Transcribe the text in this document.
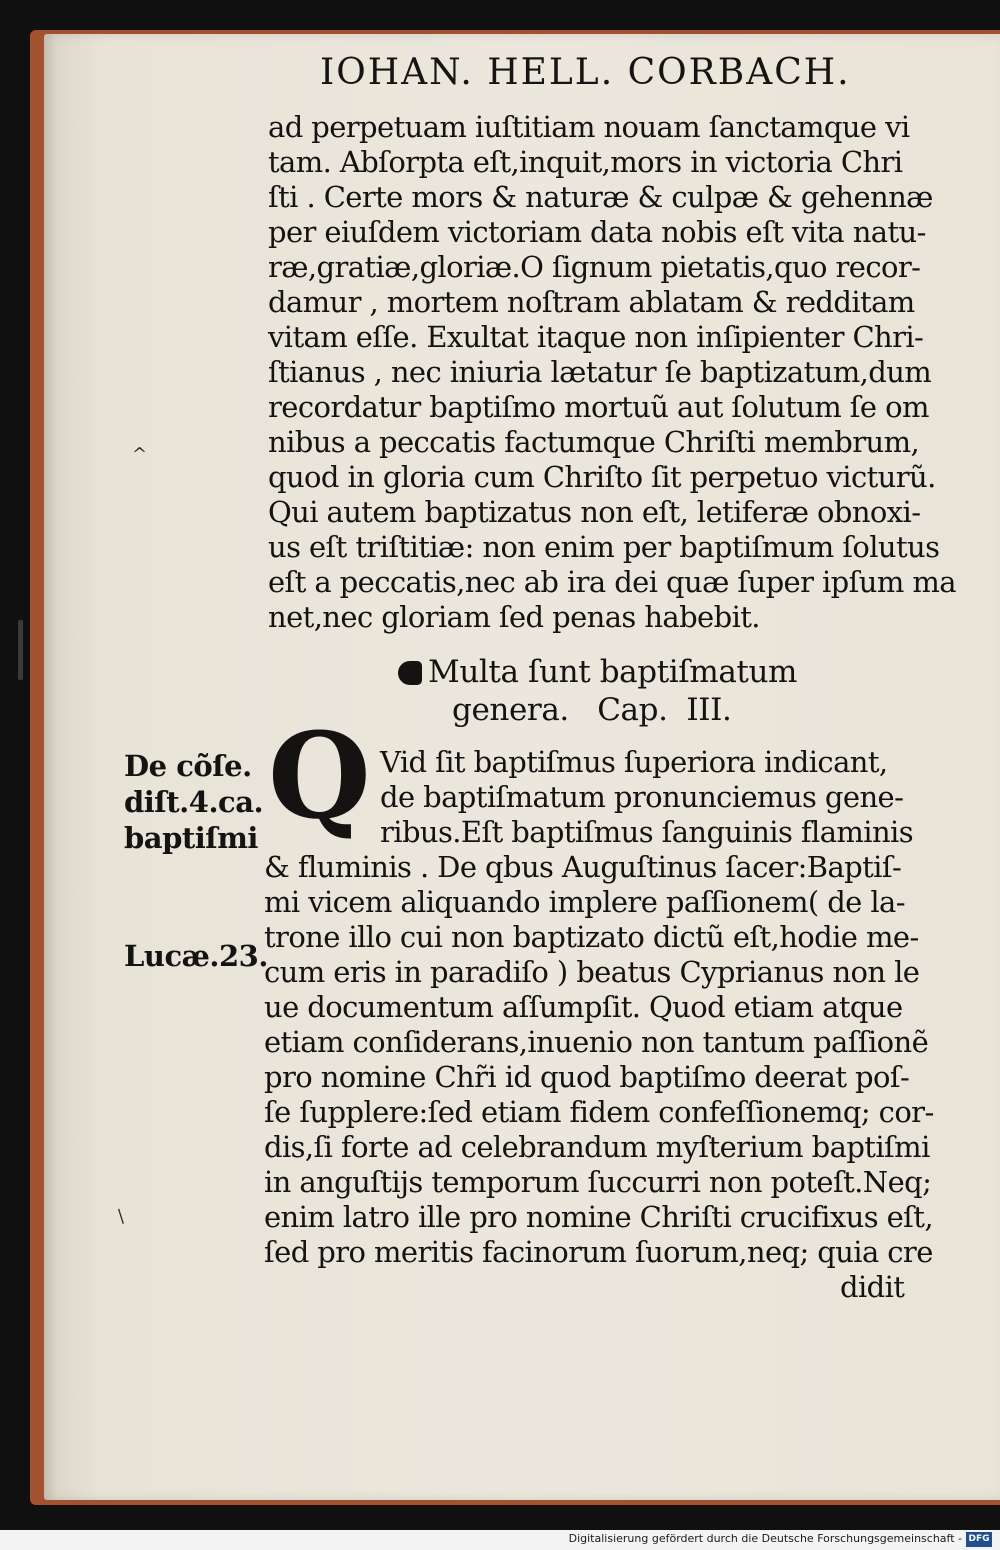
IOHAN. HELL. CORBACH.
ad perpetuam iuſtitiam nouam ſanctamque vi
tam. Abſorpta eſt,inquit,mors in victoria Chri
ſti . Certe mors & naturæ & culpæ & gehennæ
per eiuſdem victoriam data nobis eſt vita natu-
ræ,gratiæ,gloriæ.O ſignum pietatis,quo recor-
damur , mortem noſtram ablatam & redditam
vitam eſſe. Exultat itaque non inſipienter Chri-
ſtianus , nec iniuria lætatur ſe baptizatum,dum
recordatur baptiſmo mortuũ aut ſolutum ſe om
nibus a peccatis factumque Chriſti membrum,
quod in gloria cum Chriſto ſit perpetuo victurũ.
Qui autem baptizatus non eſt, letiferæ obnoxi-
us eſt triſtitiæ: non enim per baptiſmum ſolutus
eſt a peccatis,nec ab ira dei quæ ſuper ipſum ma
net,nec gloriam ſed penas habebit.
Multa ſunt baptiſmatum
genera.   Cap.  III.
Q Vid ſit baptiſmus ſuperiora indicant,
de baptiſmatum pronunciemus gene-
ribus.Eſt baptiſmus ſanguinis flaminis
& fluminis . De qbus Auguſtinus ſacer:Baptiſ-
mi vicem aliquando implere paſſionem( de la-
trone illo cui non baptizato dictũ eſt,hodie me-
cum eris in paradiſo ) beatus Cyprianus non le
ue documentum aſſumpſit. Quod etiam atque
etiam conſiderans,inuenio non tantum paſſionẽ
pro nomine Chr̃i id quod baptiſmo deerat poſ-
ſe ſupplere:ſed etiam fidem confeſſionemq; cor-
dis,ſi forte ad celebrandum myſterium baptiſmi
in anguſtijs temporum ſuccurri non poteſt.Neq;
enim latro ille pro nomine Chriſti crucifixus eſt,
ſed pro meritis facinorum ſuorum,neq; quia cre
didit
De cõſe.
diſt.4.ca.
baptiſmi
Lucæ.23.
^
/
Digitalisierung gefördert durch die Deutsche Forschungsgemeinschaft - DFG
